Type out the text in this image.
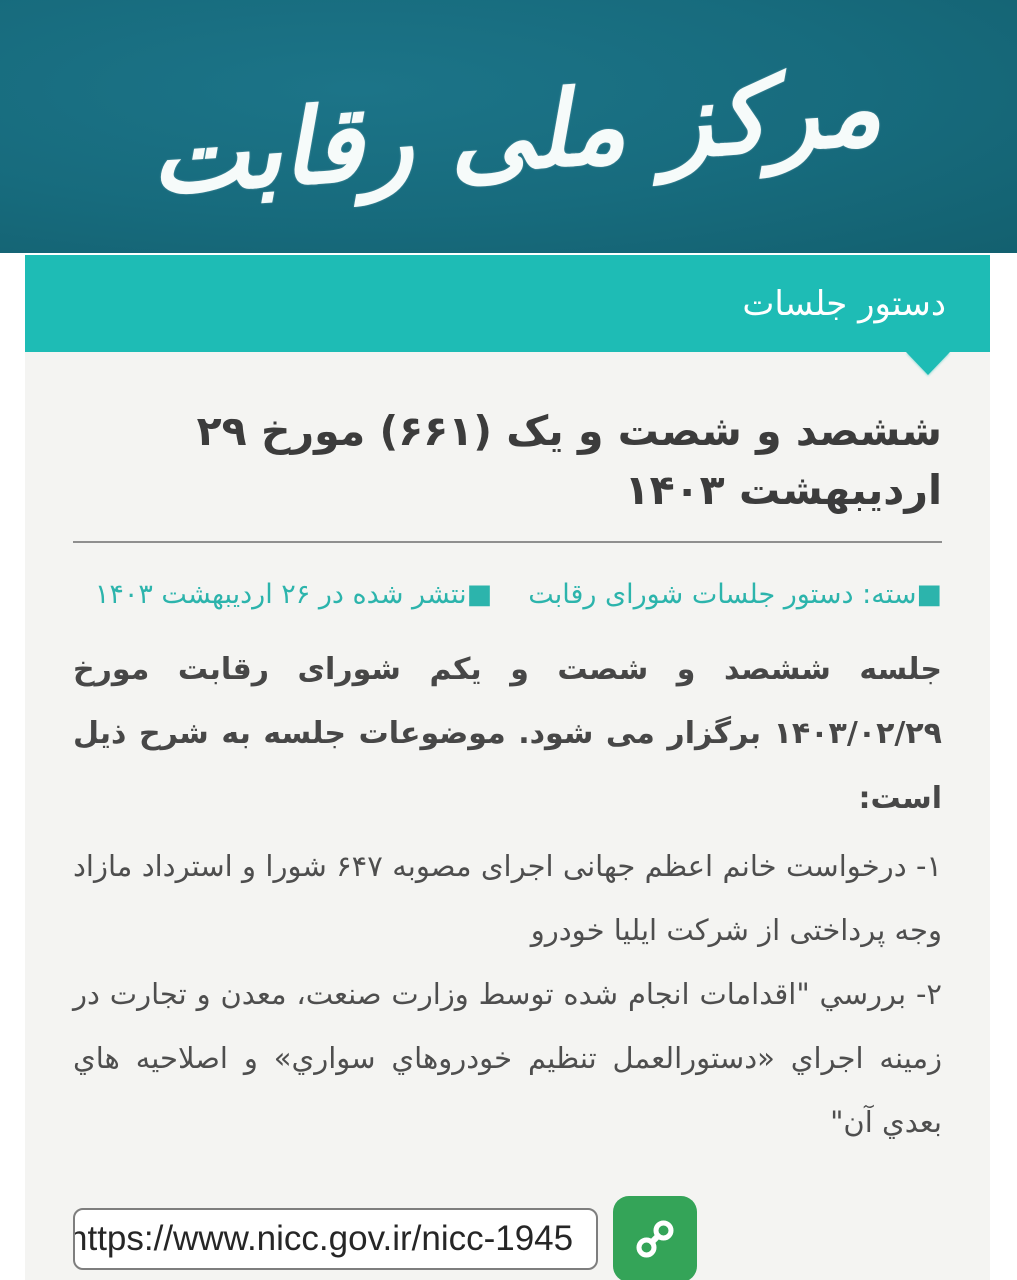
مرکز ملی رقابت
دستور جلسات
ششصد و شصت و یک (۶۶۱) مورخ ۲۹ اردیبهشت ۱۴۰۳
■سته: دستور جلسات شورای رقابت
■نتشر شده در ۲۶ اردیبهشت ۱۴۰۳

جلسه ششصد و شصت و یکم شورای رقابت مورخ ۱۴۰۳/۰۲/۲۹ برگزار می شود. موضوعات جلسه به شرح ذیل است:

۱- درخواست خانم اعظم جهانی اجرای مصوبه ۶۴۷ شورا و استرداد مازاد وجه پرداختی از شرکت ایلیا خودرو

۲- بررسي "اقدامات انجام شده توسط وزارت صنعت، معدن و تجارت در زمینه اجراي «دستورالعمل تنظیم خودروهاي سواري» و اصلاحیه هاي بعدي آن"

https://www.nicc.gov.ir/nicc-1945
